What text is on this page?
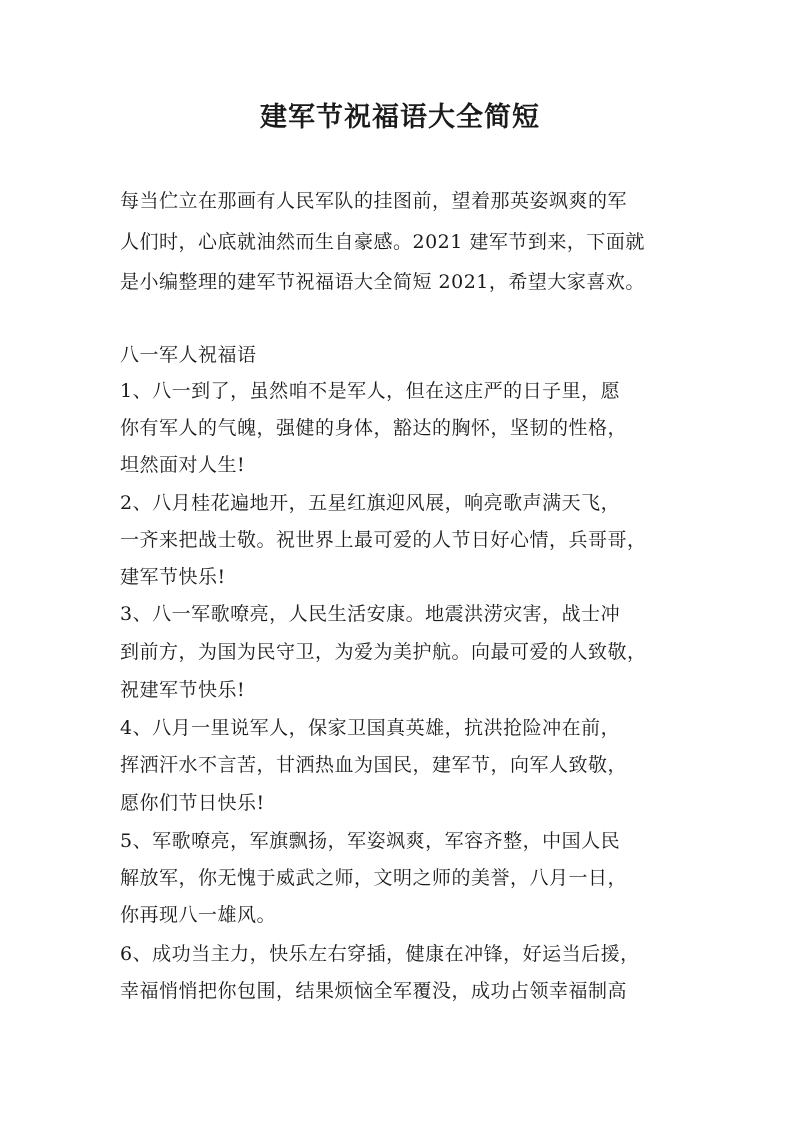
建军节祝福语大全简短
每当伫立在那画有人民军队的挂图前，望着那英姿飒爽的军
人们时，心底就油然而生自豪感。2021 建军节到来，下面就
是小编整理的建军节祝福语大全简短 2021，希望大家喜欢。
八一军人祝福语
1、八一到了，虽然咱不是军人，但在这庄严的日子里，愿
你有军人的气魄，强健的身体，豁达的胸怀，坚韧的性格，
坦然面对人生!
2、八月桂花遍地开，五星红旗迎风展，响亮歌声满天飞，
一齐来把战士敬。祝世界上最可爱的人节日好心情，兵哥哥，
建军节快乐!
3、八一军歌嘹亮，人民生活安康。地震洪涝灾害，战士冲
到前方，为国为民守卫，为爱为美护航。向最可爱的人致敬，
祝建军节快乐!
4、八月一里说军人，保家卫国真英雄，抗洪抢险冲在前，
挥洒汗水不言苦，甘洒热血为国民，建军节，向军人致敬，
愿你们节日快乐!
5、军歌嘹亮，军旗飘扬，军姿飒爽，军容齐整，中国人民
解放军，你无愧于威武之师，文明之师的美誉，八月一日，
你再现八一雄风。
6、成功当主力，快乐左右穿插，健康在冲锋，好运当后援，
幸福悄悄把你包围，结果烦恼全军覆没，成功占领幸福制高
